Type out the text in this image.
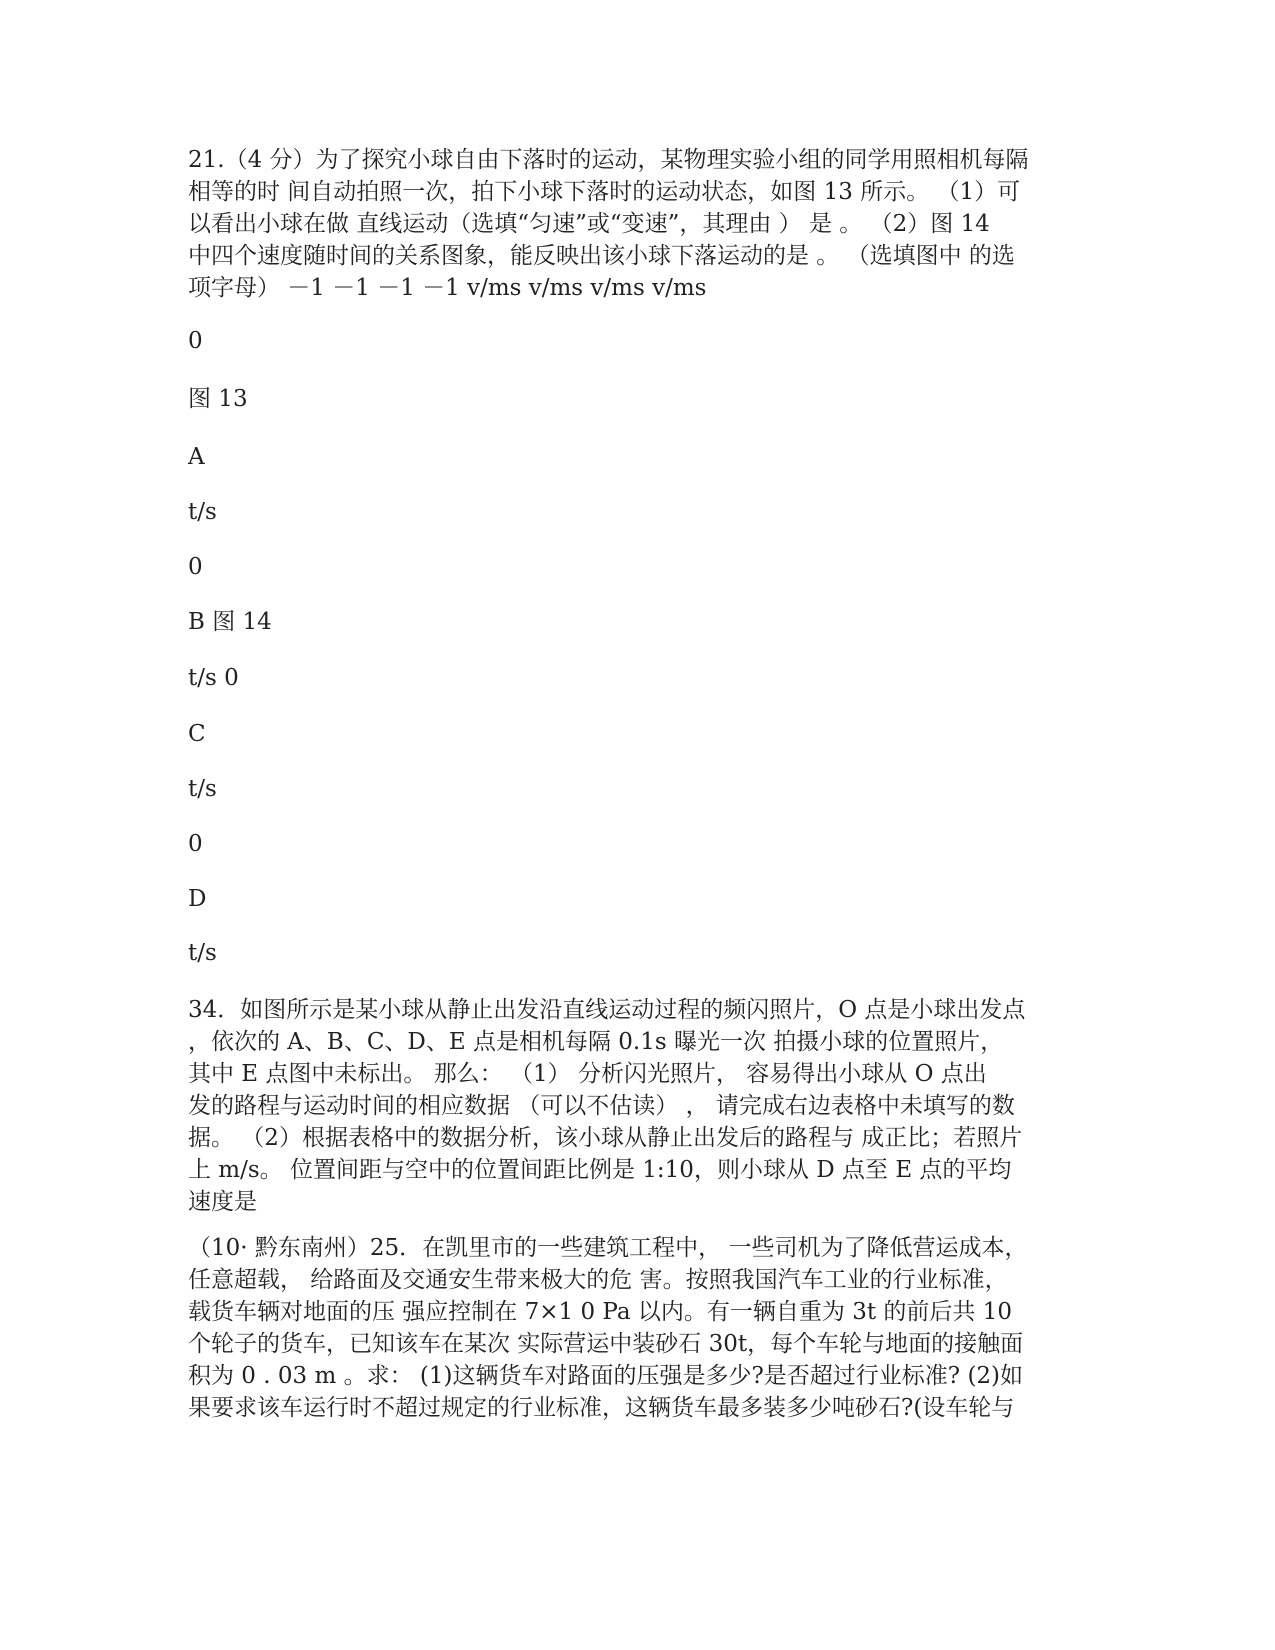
21.（4 分）为了探究小球自由下落时的运动，某物理实验小组的同学用照相机每隔
相等的时 间自动拍照一次，拍下小球下落时的运动状态，如图 13 所示。 （1）可
以看出小球在做 直线运动（选填“匀速”或“变速”，其理由 ） 是 。 （2）图 14
中四个速度随时间的关系图象，能反映出该小球下落运动的是 。 （选填图中 的选
项字母） －1 －1 －1 －1 v/ms v/ms v/ms v/ms
0
图 13
A
t/s
0
B 图 14
t/s 0
C
t/s
0
D
t/s
34．如图所示是某小球从静止出发沿直线运动过程的频闪照片，O 点是小球出发点
，依次的 A、B、C、D、E 点是相机每隔 0.1s 曝光一次 拍摄小球的位置照片，
其中 E 点图中未标出。 那么： （1） 分析闪光照片， 容易得出小球从 O 点出
发的路程与运动时间的相应数据 （可以不估读） ， 请完成右边表格中未填写的数
据。 （2）根据表格中的数据分析，该小球从静止出发后的路程与 成正比；若照片
上 m/s。 位置间距与空中的位置间距比例是 1:10，则小球从 D 点至 E 点的平均
速度是
（10· 黔东南州）25．在凯里市的一些建筑工程中， 一些司机为了降低营运成本，
任意超载， 给路面及交通安生带来极大的危 害。按照我国汽车工业的行业标准，
载货车辆对地面的压 强应控制在 7×1 0 Pa 以内。有一辆自重为 3t 的前后共 10
个轮子的货车，已知该车在某次 实际营运中装砂石 30t，每个车轮与地面的接触面
积为 0 . 03 m 。求： (1)这辆货车对路面的压强是多少?是否超过行业标准? (2)如
果要求该车运行时不超过规定的行业标准，这辆货车最多装多少吨砂石?(设车轮与
